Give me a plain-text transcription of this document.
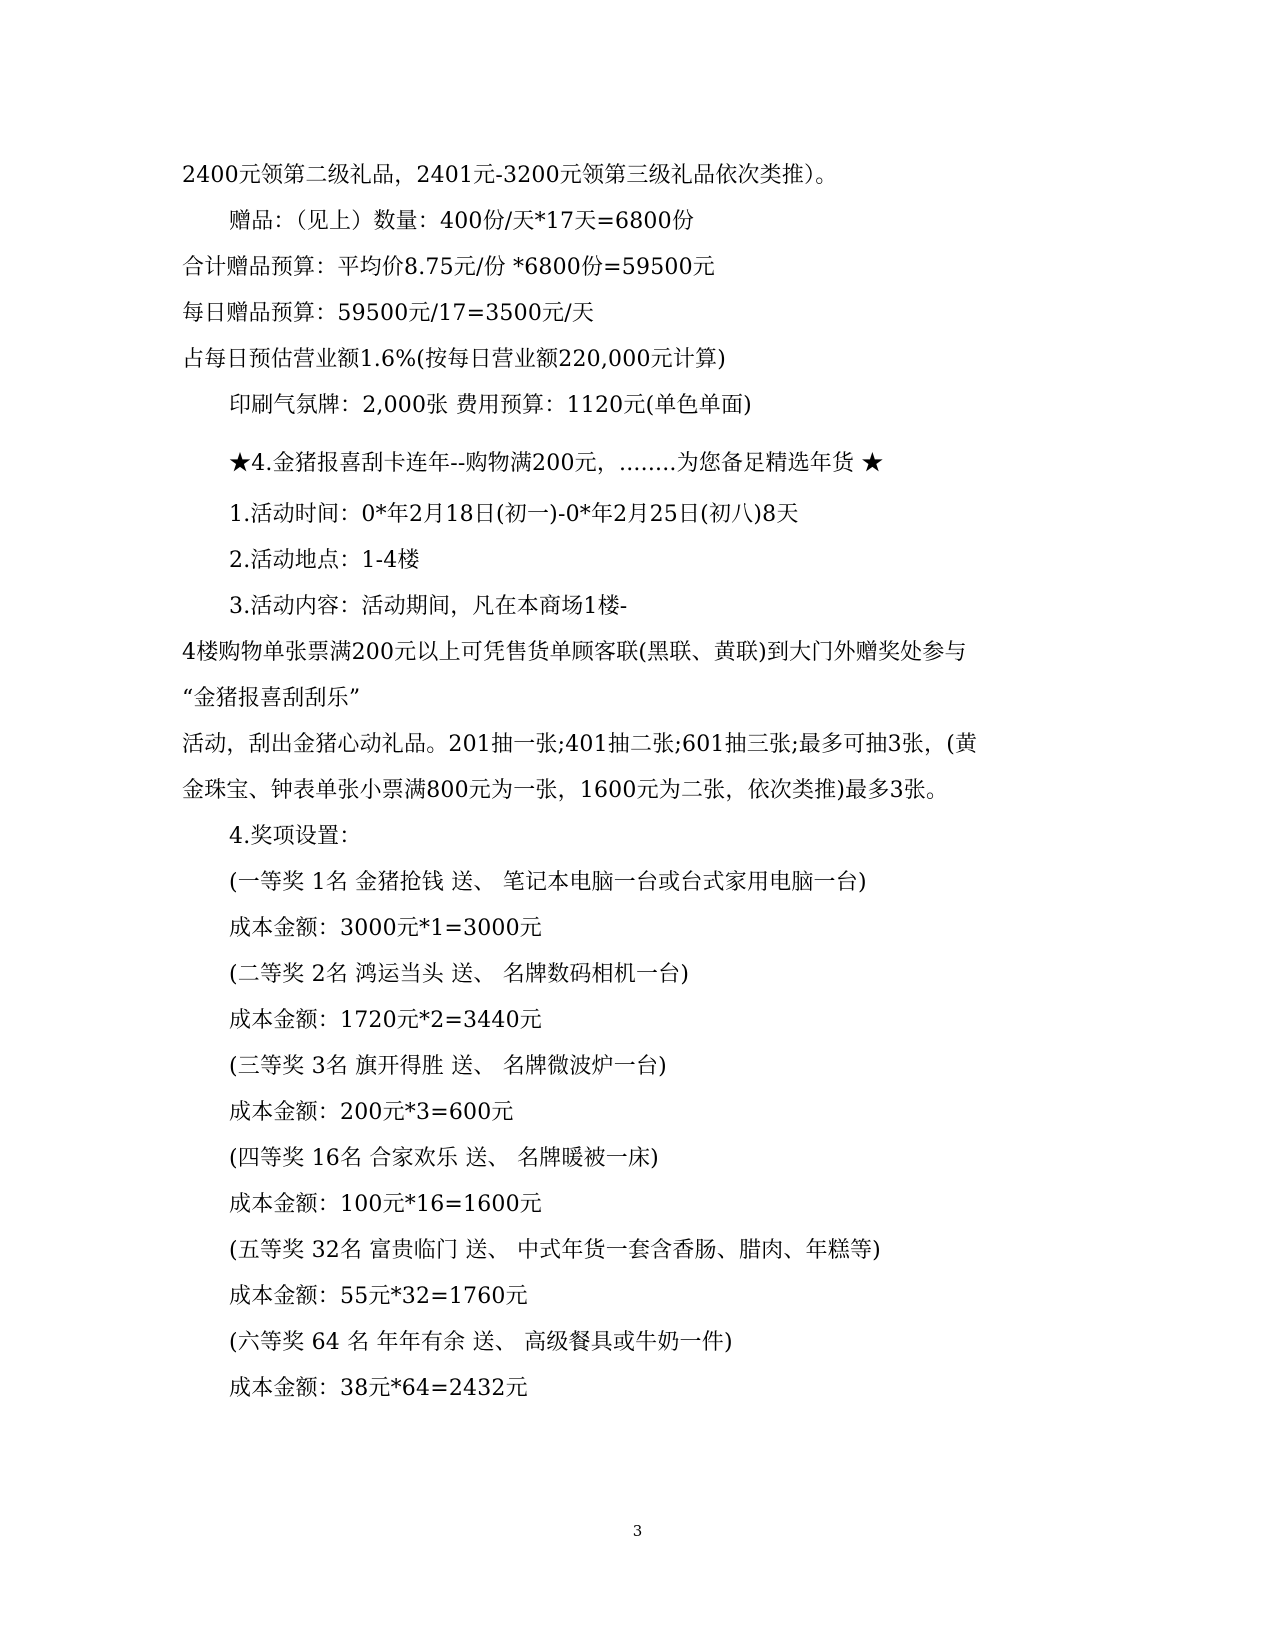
2400元领第二级礼品，2401元-3200元领第三级礼品依次类推）。
赠品：（见上）数量：400份/天*17天=6800份
合计赠品预算：平均价8.75元/份 *6800份=59500元
每日赠品预算：59500元/17=3500元/天
占每日预估营业额1.6%(按每日营业额220,000元计算)
印刷气氛牌：2,000张 费用预算：1120元(单色单面)
★4.金猪报喜刮卡连年--购物满200元，........为您备足精选年货 ★
1.活动时间：0*年2月18日(初一)-0*年2月25日(初八)8天
2.活动地点：1-4楼
3.活动内容：活动期间，凡在本商场1楼-
4楼购物单张票满200元以上可凭售货单顾客联(黑联、黄联)到大门外赠奖处参与
“金猪报喜刮刮乐”
活动，刮出金猪心动礼品。201抽一张;401抽二张;601抽三张;最多可抽3张，(黄
金珠宝、钟表单张小票满800元为一张，1600元为二张，依次类推)最多3张。
4.奖项设置：
(一等奖 1名 金猪抢钱 送、 笔记本电脑一台或台式家用电脑一台)
成本金额：3000元*1=3000元
(二等奖 2名 鸿运当头 送、 名牌数码相机一台)
成本金额：1720元*2=3440元
(三等奖 3名 旗开得胜 送、 名牌微波炉一台)
成本金额：200元*3=600元
(四等奖 16名 合家欢乐 送、 名牌暖被一床)
成本金额：100元*16=1600元
(五等奖 32名 富贵临门 送、 中式年货一套含香肠、腊肉、年糕等)
成本金额：55元*32=1760元
(六等奖 64 名 年年有余 送、 高级餐具或牛奶一件)
成本金额：38元*64=2432元
3
